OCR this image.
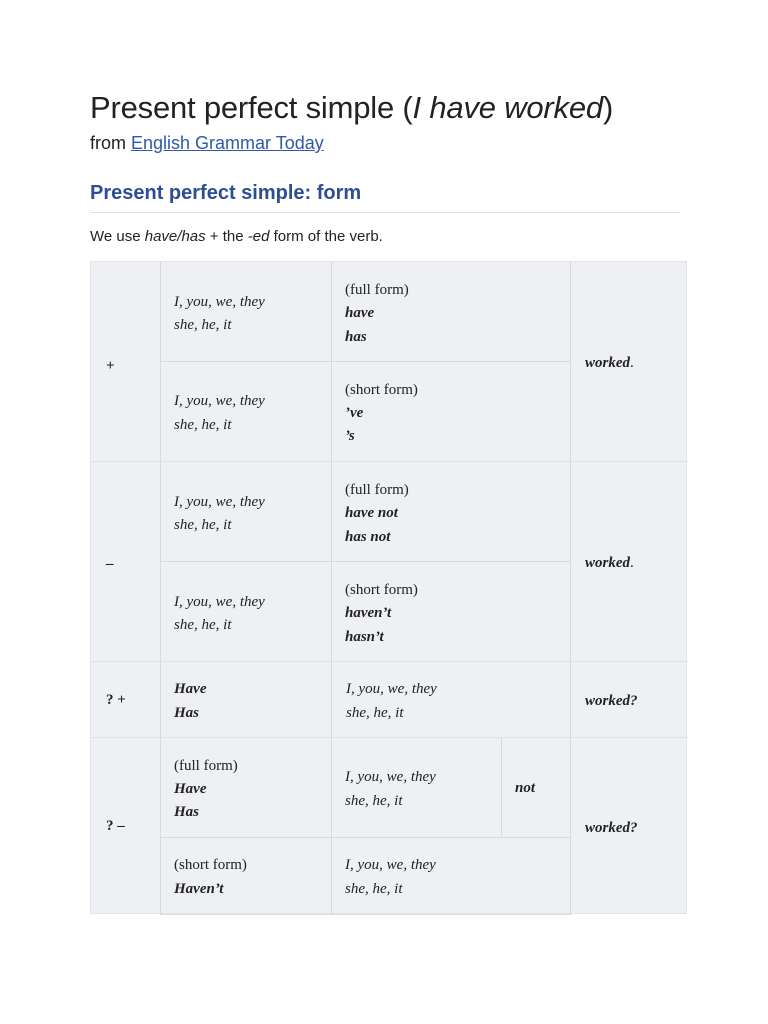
Present perfect simple (I have worked)
from English Grammar Today
Present perfect simple: form
We use have/has + the -ed form of the verb.
+
I, you, we, they
she, he, it
(full form)
have
has
I, you, we, they
she, he, it
(short form)
’ve
’s
worked.
–
I, you, we, they
she, he, it
(full form)
have not
has not
I, you, we, they
she, he, it
(short form)
haven’t
hasn’t
worked.
? +
Have
Has
I, you, we, they
she, he, it
worked?
? –
(full form)
Have
Has
I, you, we, they
she, he, it
not
(short form)
Haven’t
I, you, we, they
she, he, it
worked?
